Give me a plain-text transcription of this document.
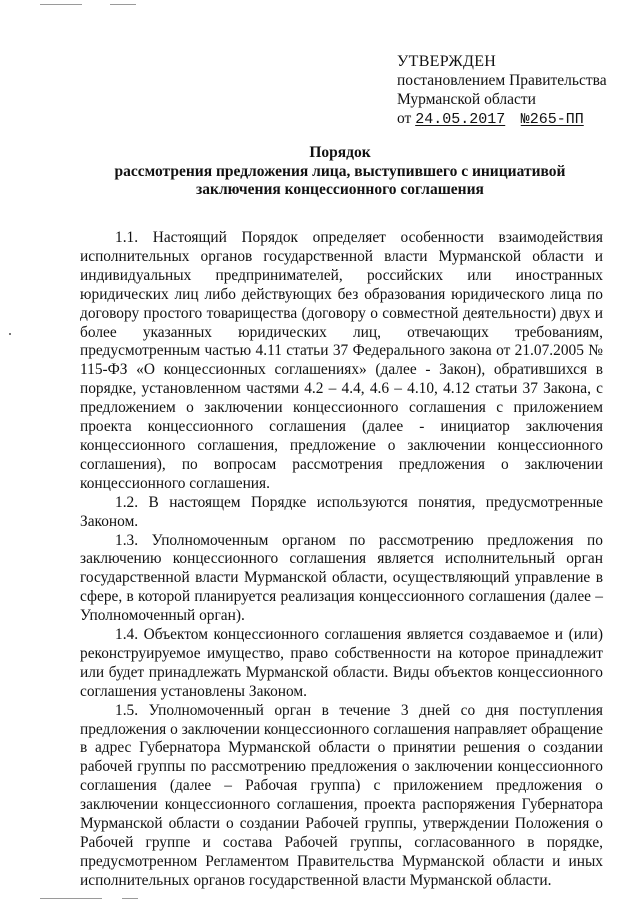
УТВЕРЖДЕН
постановлением Правительства
Мурманской области
от 24.05.2017 №265-ПП
Порядок
рассмотрения предложения лица, выступившего с инициативой
заключения концессионного соглашения

1.1. Настоящий Порядок определяет особенности взаимодействия исполнительных органов государственной власти Мурманской области и индивидуальных предпринимателей, российских или иностранных юридических лиц либо действующих без образования юридического лица по договору простого товарищества (договору о совместной деятельности) двух и более указанных юридических лиц, отвечающих требованиям, предусмотренным частью 4.11 статьи 37 Федерального закона от 21.07.2005 № 115-ФЗ «О концессионных соглашениях» (далее - Закон), обратившихся в порядке, установленном частями 4.2 – 4.4, 4.6 – 4.10, 4.12 статьи 37 Закона, с предложением о заключении концессионного соглашения с приложением проекта концессионного соглашения (далее - инициатор заключения концессионного соглашения, предложение о заключении концессионного соглашения), по вопросам рассмотрения предложения о заключении концессионного соглашения.

1.2. В настоящем Порядке используются понятия, предусмотренные Законом.

1.3. Уполномоченным органом по рассмотрению предложения по заключению концессионного соглашения является исполнительный орган государственной власти Мурманской области, осуществляющий управление в сфере, в которой планируется реализация концессионного соглашения (далее – Уполномоченный орган).

1.4. Объектом концессионного соглашения является создаваемое и (или) реконструируемое имущество, право собственности на которое принадлежит или будет принадлежать Мурманской области. Виды объектов концессионного соглашения установлены Законом.

1.5. Уполномоченный орган в течение 3 дней со дня поступления предложения о заключении концессионного соглашения направляет обращение в адрес Губернатора Мурманской области о принятии решения о создании рабочей группы по рассмотрению предложения о заключении концессионного соглашения (далее – Рабочая группа) с приложением предложения о заключении концессионного соглашения, проекта распоряжения Губернатора Мурманской области о создании Рабочей группы, утверждении Положения о Рабочей группе и состава Рабочей группы, согласованного в порядке, предусмотренном Регламентом Правительства Мурманской области и иных исполнительных органов государственной власти Мурманской области.
